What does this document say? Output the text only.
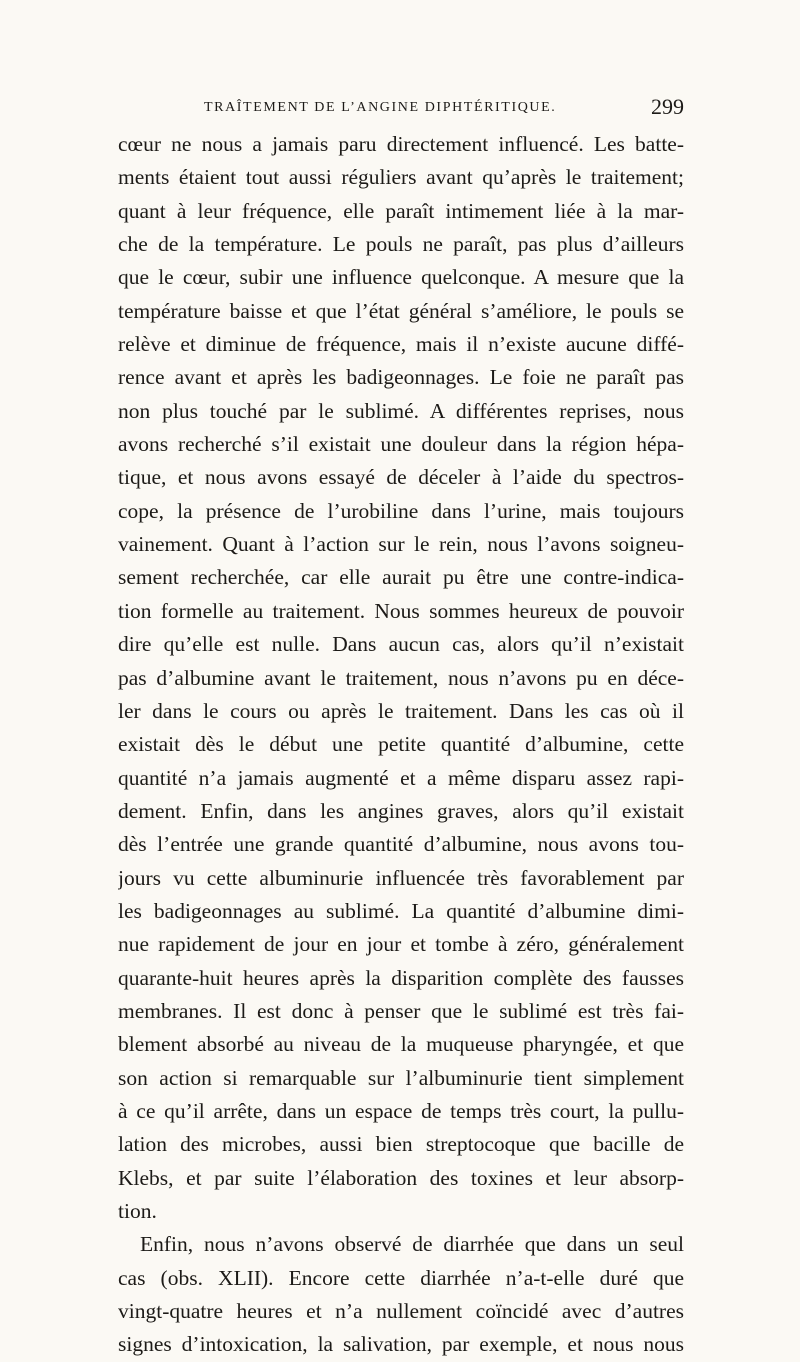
TRAÎTEMENT DE L’ANGINE DIPHTÉRITIQUE.	299
cœur ne nous a jamais paru directement influencé. Les batte-
ments étaient tout aussi réguliers avant qu’après le traitement;
quant à leur fréquence, elle paraît intimement liée à la mar-
che de la température. Le pouls ne paraît, pas plus d’ailleurs
que le cœur, subir une influence quelconque. A mesure que la
température baisse et que l’état général s’améliore, le pouls se
relève et diminue de fréquence, mais il n’existe aucune diffé-
rence avant et après les badigeonnages. Le foie ne paraît pas
non plus touché par le sublimé. A différentes reprises, nous
avons recherché s’il existait une douleur dans la région hépa-
tique, et nous avons essayé de déceler à l’aide du spectros-
cope, la présence de l’urobiline dans l’urine, mais toujours
vainement. Quant à l’action sur le rein, nous l’avons soigneu-
sement recherchée, car elle aurait pu être une contre-indica-
tion formelle au traitement. Nous sommes heureux de pouvoir
dire qu’elle est nulle. Dans aucun cas, alors qu’il n’existait
pas d’albumine avant le traitement, nous n’avons pu en déce-
ler dans le cours ou après le traitement. Dans les cas où il
existait dès le début une petite quantité d’albumine, cette
quantité n’a jamais augmenté et a même disparu assez rapi-
dement. Enfin, dans les angines graves, alors qu’il existait
dès l’entrée une grande quantité d’albumine, nous avons tou-
jours vu cette albuminurie influencée très favorablement par
les badigeonnages au sublimé. La quantité d’albumine dimi-
nue rapidement de jour en jour et tombe à zéro, généralement
quarante-huit heures après la disparition complète des fausses
membranes. Il est donc à penser que le sublimé est très fai-
blement absorbé au niveau de la muqueuse pharyngée, et que
son action si remarquable sur l’albuminurie tient simplement
à ce qu’il arrête, dans un espace de temps très court, la pullu-
lation des microbes, aussi bien streptocoque que bacille de
Klebs, et par suite l’élaboration des toxines et leur absorp-
tion.
Enfin, nous n’avons observé de diarrhée que dans un seul
cas (obs. XLII). Encore cette diarrhée n’a-t-elle duré que
vingt-quatre heures et n’a nullement coïncidé avec d’autres
signes d’intoxication, la salivation, par exemple, et nous nous
